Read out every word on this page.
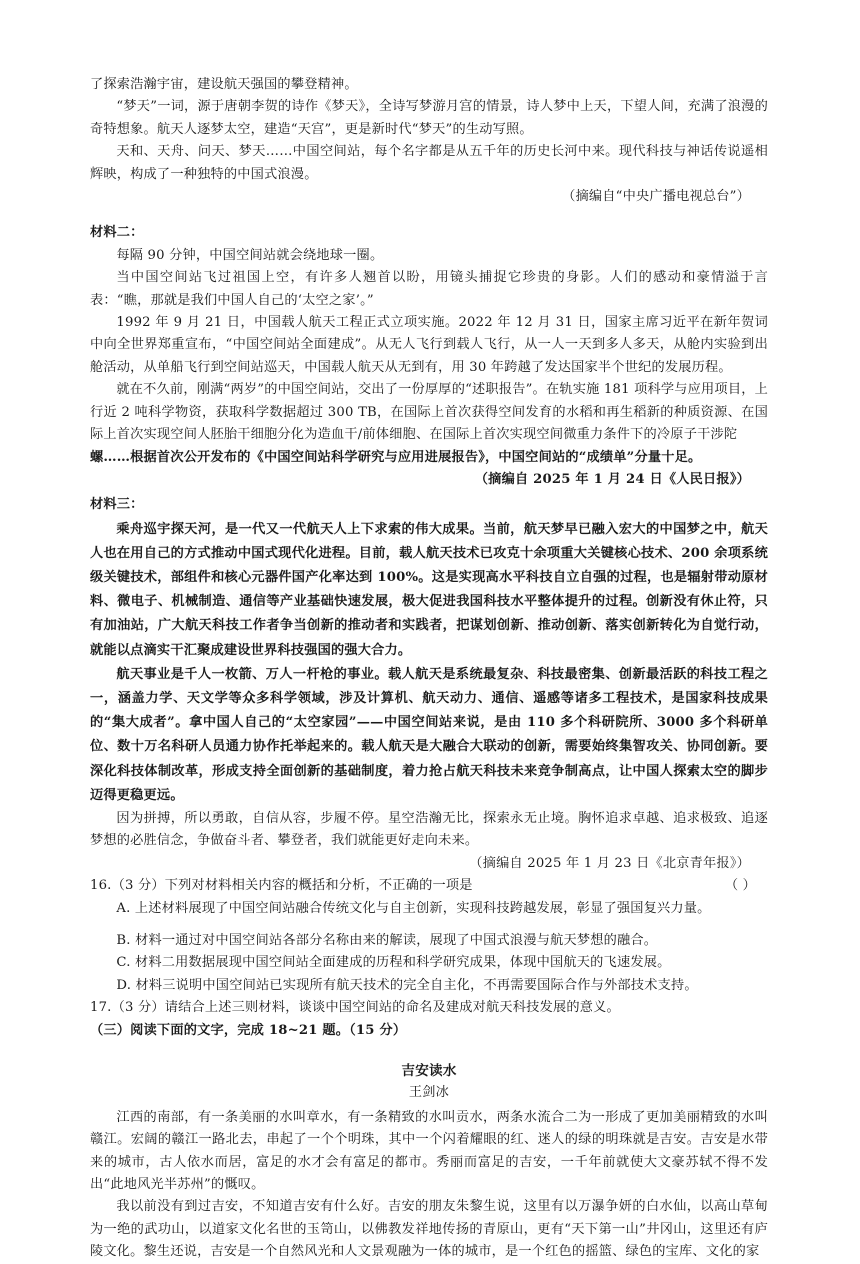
了探索浩瀚宇宙，建设航天强国的攀登精神。

“梦天”一词，源于唐朝李贺的诗作《梦天》，全诗写梦游月宫的情景，诗人梦中上天，下望人间，充满了浪漫的奇特想象。航天人逐梦太空，建造“天宫”，更是新时代“梦天”的生动写照。

天和、天舟、问天、梦天……中国空间站，每个名字都是从五千年的历史长河中来。现代科技与神话传说遥相辉映，构成了一种独特的中国式浪漫。

（摘编自“中央广播电视总台”）

材料二：

每隔 90 分钟，中国空间站就会绕地球一圈。

当中国空间站飞过祖国上空，有许多人翘首以盼，用镜头捕捉它珍贵的身影。人们的感动和豪情溢于言表：“瞧，那就是我们中国人自己的‘太空之家’。”

1992 年 9 月 21 日，中国载人航天工程正式立项实施。2022 年 12 月 31 日，国家主席习近平在新年贺词中向全世界郑重宣布，“中国空间站全面建成”。从无人飞行到载人飞行，从一人一天到多人多天，从舱内实验到出舱活动，从单船飞行到空间站巡天，中国载人航天从无到有，用 30 年跨越了发达国家半个世纪的发展历程。

就在不久前，刚满“两岁”的中国空间站，交出了一份厚厚的“述职报告”。在轨实施 181 项科学与应用项目，上行近 2 吨科学物资，获取科学数据超过 300 TB，在国际上首次获得空间发育的水稻和再生稻新的种质资源、在国际上首次实现空间人胚胎干细胞分化为造血干/前体细胞、在国际上首次实现空间微重力条件下的冷原子干涉陀

螺……根据首次公开发布的《中国空间站科学研究与应用进展报告》，中国空间站的“成绩单”分量十足。

（摘编自 2025 年 1 月 24 日《人民日报》）

材料三：

乘舟巡宇探天河，是一代又一代航天人上下求索的伟大成果。当前，航天梦早已融入宏大的中国梦之中，航天人也在用自己的方式推动中国式现代化进程。目前，载人航天技术已攻克十余项重大关键核心技术、200 余项系统级关键技术，部组件和核心元器件国产化率达到 100%。这是实现高水平科技自立自强的过程，也是辐射带动原材料、微电子、机械制造、通信等产业基础快速发展，极大促进我国科技水平整体提升的过程。创新没有休止符，只有加油站，广大航天科技工作者争当创新的推动者和实践者，把谋划创新、推动创新、落实创新转化为自觉行动，就能以点滴实干汇聚成建设世界科技强国的强大合力。

航天事业是千人一枚箭、万人一杆枪的事业。载人航天是系统最复杂、科技最密集、创新最活跃的科技工程之一，涵盖力学、天文学等众多科学领域，涉及计算机、航天动力、通信、遥感等诸多工程技术，是国家科技成果的“集大成者”。拿中国人自己的“太空家园”——中国空间站来说，是由 110 多个科研院所、3000 多个科研单位、数十万名科研人员通力协作托举起来的。载人航天是大融合大联动的创新，需要始终集智攻关、协同创新。要深化科技体制改革，形成支持全面创新的基础制度，着力抢占航天科技未来竞争制高点，让中国人探索太空的脚步迈得更稳更远。

因为拼搏，所以勇敢，自信从容，步履不停。星空浩瀚无比，探索永无止境。胸怀追求卓越、追求极致、追逐梦想的必胜信念，争做奋斗者、攀登者，我们就能更好走向未来。

（摘编自 2025 年 1 月 23 日《北京青年报》）

16.（3 分）下列对材料相关内容的概括和分析，不正确的一项是	（ ）

A. 上述材料展现了中国空间站融合传统文化与自主创新，实现科技跨越发展，彰显了强国复兴力量。

B. 材料一通过对中国空间站各部分名称由来的解读，展现了中国式浪漫与航天梦想的融合。

C. 材料二用数据展现中国空间站全面建成的历程和科学研究成果，体现中国航天的飞速发展。

D. 材料三说明中国空间站已实现所有航天技术的完全自主化，不再需要国际合作与外部技术支持。

17.（3 分）请结合上述三则材料，谈谈中国空间站的命名及建成对航天科技发展的意义。

（三）阅读下面的文字，完成 18~21 题。（15 分）

吉安读水

王剑冰

江西的南部，有一条美丽的水叫章水，有一条精致的水叫贡水，两条水流合二为一形成了更加美丽精致的水叫赣江。宏阔的赣江一路北去，串起了一个个明珠，其中一个闪着耀眼的红、迷人的绿的明珠就是吉安。吉安是水带来的城市，古人依水而居，富足的水才会有富足的都市。秀丽而富足的吉安，一千年前就使大文豪苏轼不得不发出“此地风光半苏州”的慨叹。

我以前没有到过吉安，不知道吉安有什么好。吉安的朋友朱黎生说，这里有以万瀑争妍的白水仙，以高山草甸为一绝的武功山，以道家文化名世的玉笥山，以佛教发祥地传扬的青原山，更有“天下第一山”井冈山，这里还有庐陵文化。黎生还说，吉安是一个自然风光和人文景观融为一体的城市，是一个红色的摇篮、绿色的宝库、文化的家
